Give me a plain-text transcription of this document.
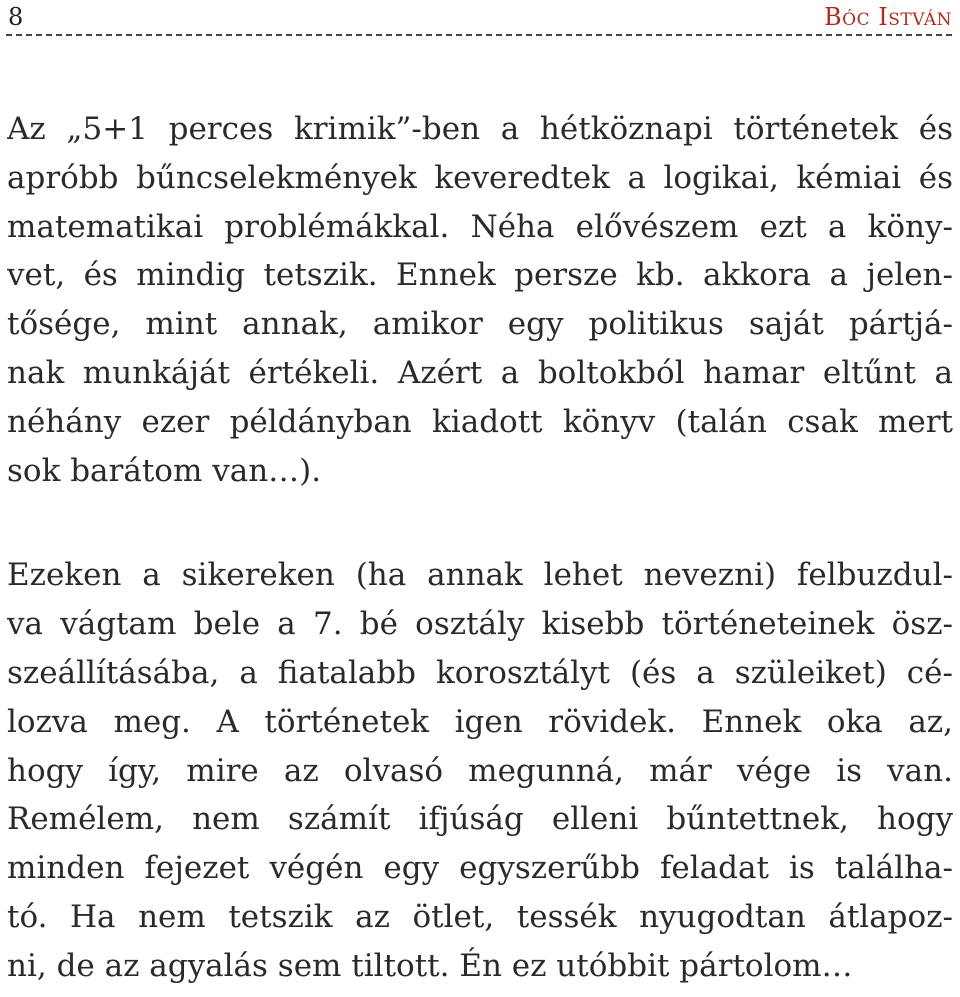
8	Bóc István
Az „5+1 perces krimik”-ben a hétköznapi történetek és
apróbb bűncselekmények keveredtek a logikai, kémiai és
matematikai problémákkal. Néha elővészem ezt a köny-
vet, és mindig tetszik. Ennek persze kb. akkora a jelen-
tősége, mint annak, amikor egy politikus saját pártjá-
nak munkáját értékeli. Azért a boltokból hamar eltűnt a
néhány ezer példányban kiadott könyv (talán csak mert
sok barátom van…).
Ezeken a sikereken (ha annak lehet nevezni) felbuzdul-
va vágtam bele a 7. bé osztály kisebb történeteinek ösz-
szeállításába, a fiatalabb korosztályt (és a szüleiket) cé-
lozva meg. A történetek igen rövidek. Ennek oka az,
hogy így, mire az olvasó megunná, már vége is van.
Remélem, nem számít ifjúság elleni bűntettnek, hogy
minden fejezet végén egy egyszerűbb feladat is találha-
tó. Ha nem tetszik az ötlet, tessék nyugodtan átlapoz-
ni, de az agyalás sem tiltott. Én ez utóbbit pártolom…
